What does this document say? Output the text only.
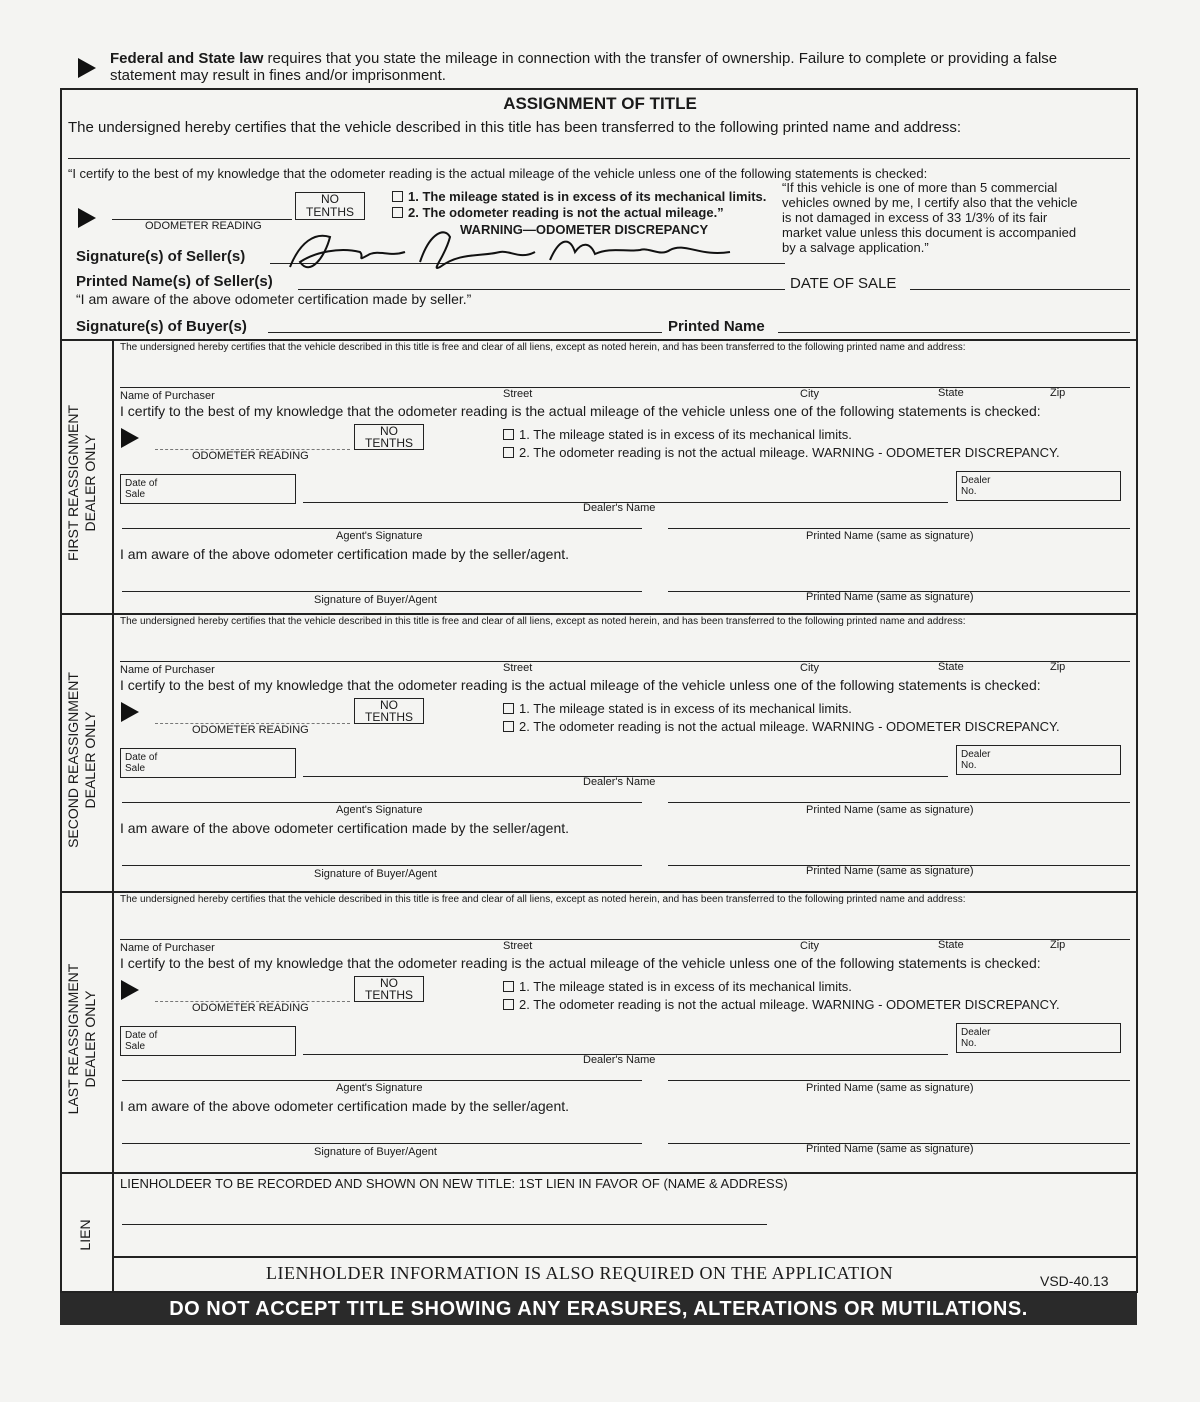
Federal and State law requires that you state the mileage in connection with the transfer of ownership. Failure to complete or providing a false
statement may result in fines and/or imprisonment.
ASSIGNMENT OF TITLE
The undersigned hereby certifies that the vehicle described in this title has been transferred to the following printed name and address:
“I certify to the best of my knowledge that the odometer reading is the actual mileage of the vehicle unless one of the following statements is checked:
ODOMETER READING
NO
TENTHS
1. The mileage stated is in excess of its mechanical limits.
2. The odometer reading is not the actual mileage.”
WARNING—ODOMETER DISCREPANCY
“If this vehicle is one of more than 5 commercial
vehicles owned by me, I certify also that the vehicle
is not damaged in excess of 33 1/3% of its fair
market value unless this document is accompanied
by a salvage application.”
Signature(s) of Seller(s)
Printed Name(s) of Seller(s)	DATE OF SALE
“I am aware of the above odometer certification made by seller.”
Signature(s) of Buyer(s)	Printed Name
FIRST REASSIGNMENT DEALER ONLY
SECOND REASSIGNMENT DEALER ONLY
LAST REASSIGNMENT DEALER ONLY
LIEN
The undersigned hereby certifies that the vehicle described in this title is free and clear of all liens, except as noted herein, and has been transferred to the following printed name and address:
Name of Purchaser	Street	City	State	Zip
I certify to the best of my knowledge that the odometer reading is the actual mileage of the vehicle unless one of the following statements is checked:
ODOMETER READING
NO
TENTHS
1. The mileage stated is in excess of its mechanical limits.
2. The odometer reading is not the actual mileage. WARNING - ODOMETER DISCREPANCY.
Date of
Sale
Dealer
No.
Dealer's Name
Agent's Signature	Printed Name (same as signature)
I am aware of the above odometer certification made by the seller/agent.
Signature of Buyer/Agent	Printed Name (same as signature)
The undersigned hereby certifies that the vehicle described in this title is free and clear of all liens, except as noted herein, and has been transferred to the following printed name and address:
Name of Purchaser	Street	City	State	Zip
I certify to the best of my knowledge that the odometer reading is the actual mileage of the vehicle unless one of the following statements is checked:
ODOMETER READING
NO
TENTHS
1. The mileage stated is in excess of its mechanical limits.
2. The odometer reading is not the actual mileage. WARNING - ODOMETER DISCREPANCY.
Date of
Sale
Dealer
No.
Dealer's Name
Agent's Signature	Printed Name (same as signature)
I am aware of the above odometer certification made by the seller/agent.
Signature of Buyer/Agent	Printed Name (same as signature)
The undersigned hereby certifies that the vehicle described in this title is free and clear of all liens, except as noted herein, and has been transferred to the following printed name and address:
Name of Purchaser	Street	City	State	Zip
I certify to the best of my knowledge that the odometer reading is the actual mileage of the vehicle unless one of the following statements is checked:
ODOMETER READING
NO
TENTHS
1. The mileage stated is in excess of its mechanical limits.
2. The odometer reading is not the actual mileage. WARNING - ODOMETER DISCREPANCY.
Date of
Sale
Dealer
No.
Dealer's Name
Agent's Signature	Printed Name (same as signature)
I am aware of the above odometer certification made by the seller/agent.
Signature of Buyer/Agent	Printed Name (same as signature)
LIENHOLDEER TO BE RECORDED AND SHOWN ON NEW TITLE: 1ST LIEN IN FAVOR OF (NAME & ADDRESS)
LIENHOLDER INFORMATION IS ALSO REQUIRED ON THE APPLICATION	VSD-40.13
DO NOT ACCEPT TITLE SHOWING ANY ERASURES, ALTERATIONS OR MUTILATIONS.
